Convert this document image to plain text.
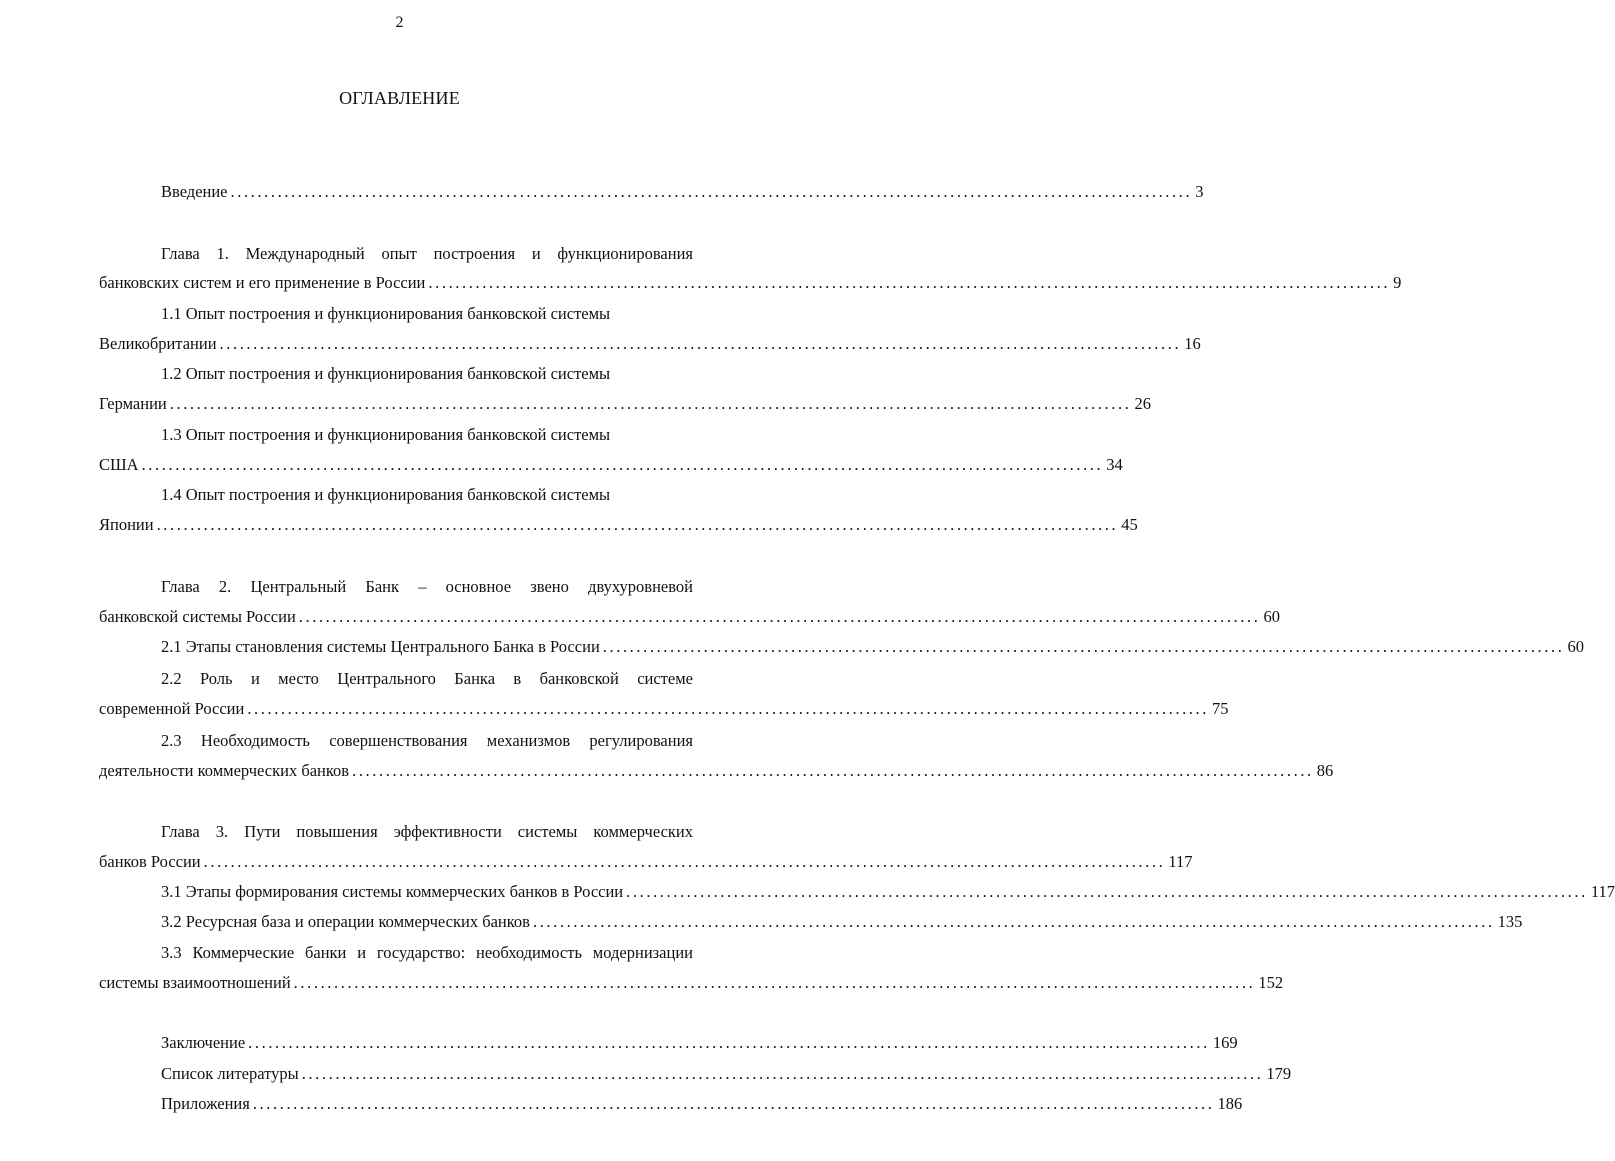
2
ОГЛАВЛЕНИЕ
Введение ............................................................................................................................................... 3
Глава 1. Международный опыт построения и функционирования
банковских систем и его применение в России ............................................................................................................................................... 9
1.1 Опыт построения и функционирования банковской системы
Великобритании ............................................................................................................................................... 16
1.2 Опыт построения и функционирования банковской системы
Германии ............................................................................................................................................... 26
1.3 Опыт построения и функционирования банковской системы
США ............................................................................................................................................... 34
1.4 Опыт построения и функционирования банковской системы
Японии ............................................................................................................................................... 45
Глава 2. Центральный Банк – основное звено двухуровневой
банковской системы России ............................................................................................................................................... 60
2.1 Этапы становления системы Центрального Банка в России ............................................................................................................................................... 60
2.2 Роль и место Центрального Банка в банковской системе
современной России ............................................................................................................................................... 75
2.3 Необходимость совершенствования механизмов регулирования
деятельности коммерческих банков ............................................................................................................................................... 86
Глава 3. Пути повышения эффективности системы коммерческих
банков России ............................................................................................................................................... 117
3.1 Этапы формирования системы коммерческих банков в России ............................................................................................................................................... 117
3.2 Ресурсная база и операции коммерческих банков ............................................................................................................................................... 135
3.3 Коммерческие банки и государство: необходимость модернизации
системы взаимоотношений ............................................................................................................................................... 152
Заключение ............................................................................................................................................... 169
Список литературы ............................................................................................................................................... 179
Приложения ............................................................................................................................................... 186
